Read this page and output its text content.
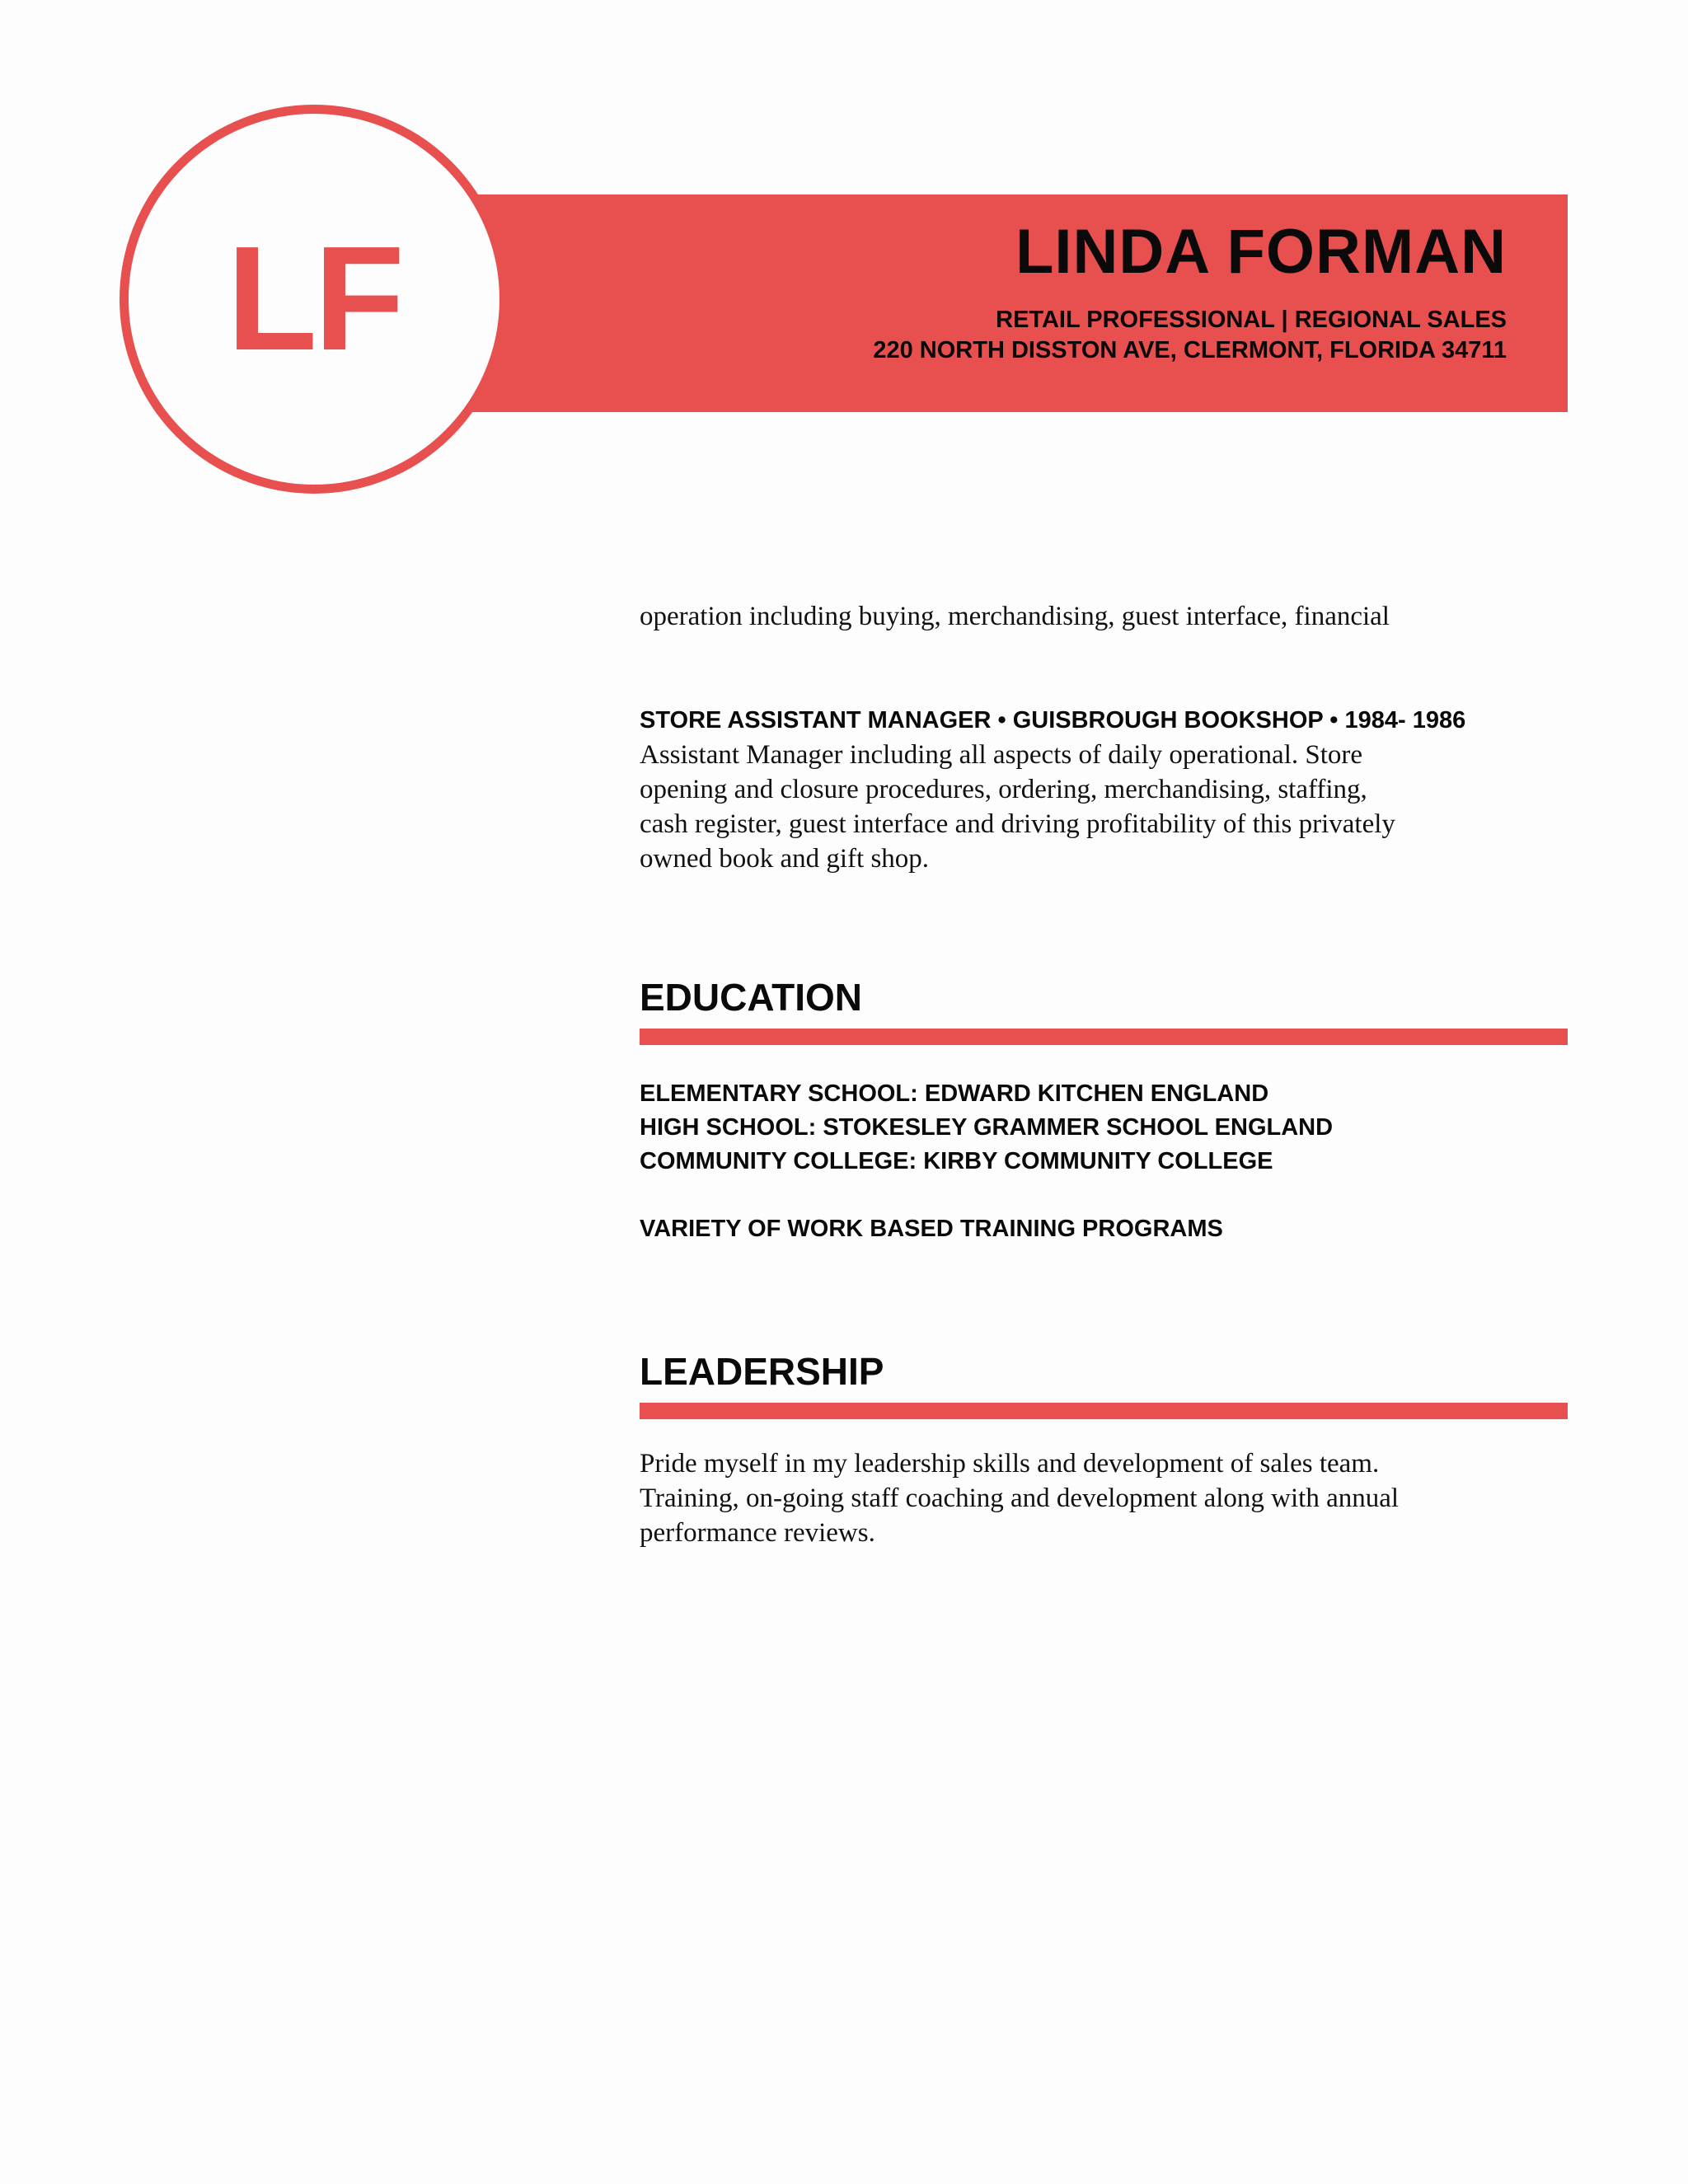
LF	LINDA FORMAN
RETAIL PROFESSIONAL | REGIONAL SALES
220 NORTH DISSTON AVE, CLERMONT, FLORIDA 34711

operation including buying, merchandising, guest interface, financial

STORE ASSISTANT MANAGER • GUISBROUGH BOOKSHOP • 1984- 1986

Assistant Manager including all aspects of daily operational. Store

opening and closure procedures, ordering, merchandising, staffing,

cash register, guest interface and driving profitability of this privately

owned book and gift shop.

EDUCATION
ELEMENTARY SCHOOL: EDWARD KITCHEN ENGLAND
HIGH SCHOOL: STOKESLEY GRAMMER SCHOOL ENGLAND
COMMUNITY COLLEGE: KIRBY COMMUNITY COLLEGE
VARIETY OF WORK BASED TRAINING PROGRAMS
LEADERSHIP

Pride myself in my leadership skills and development of sales team.

Training, on-going staff coaching and development along with annual

performance reviews.
